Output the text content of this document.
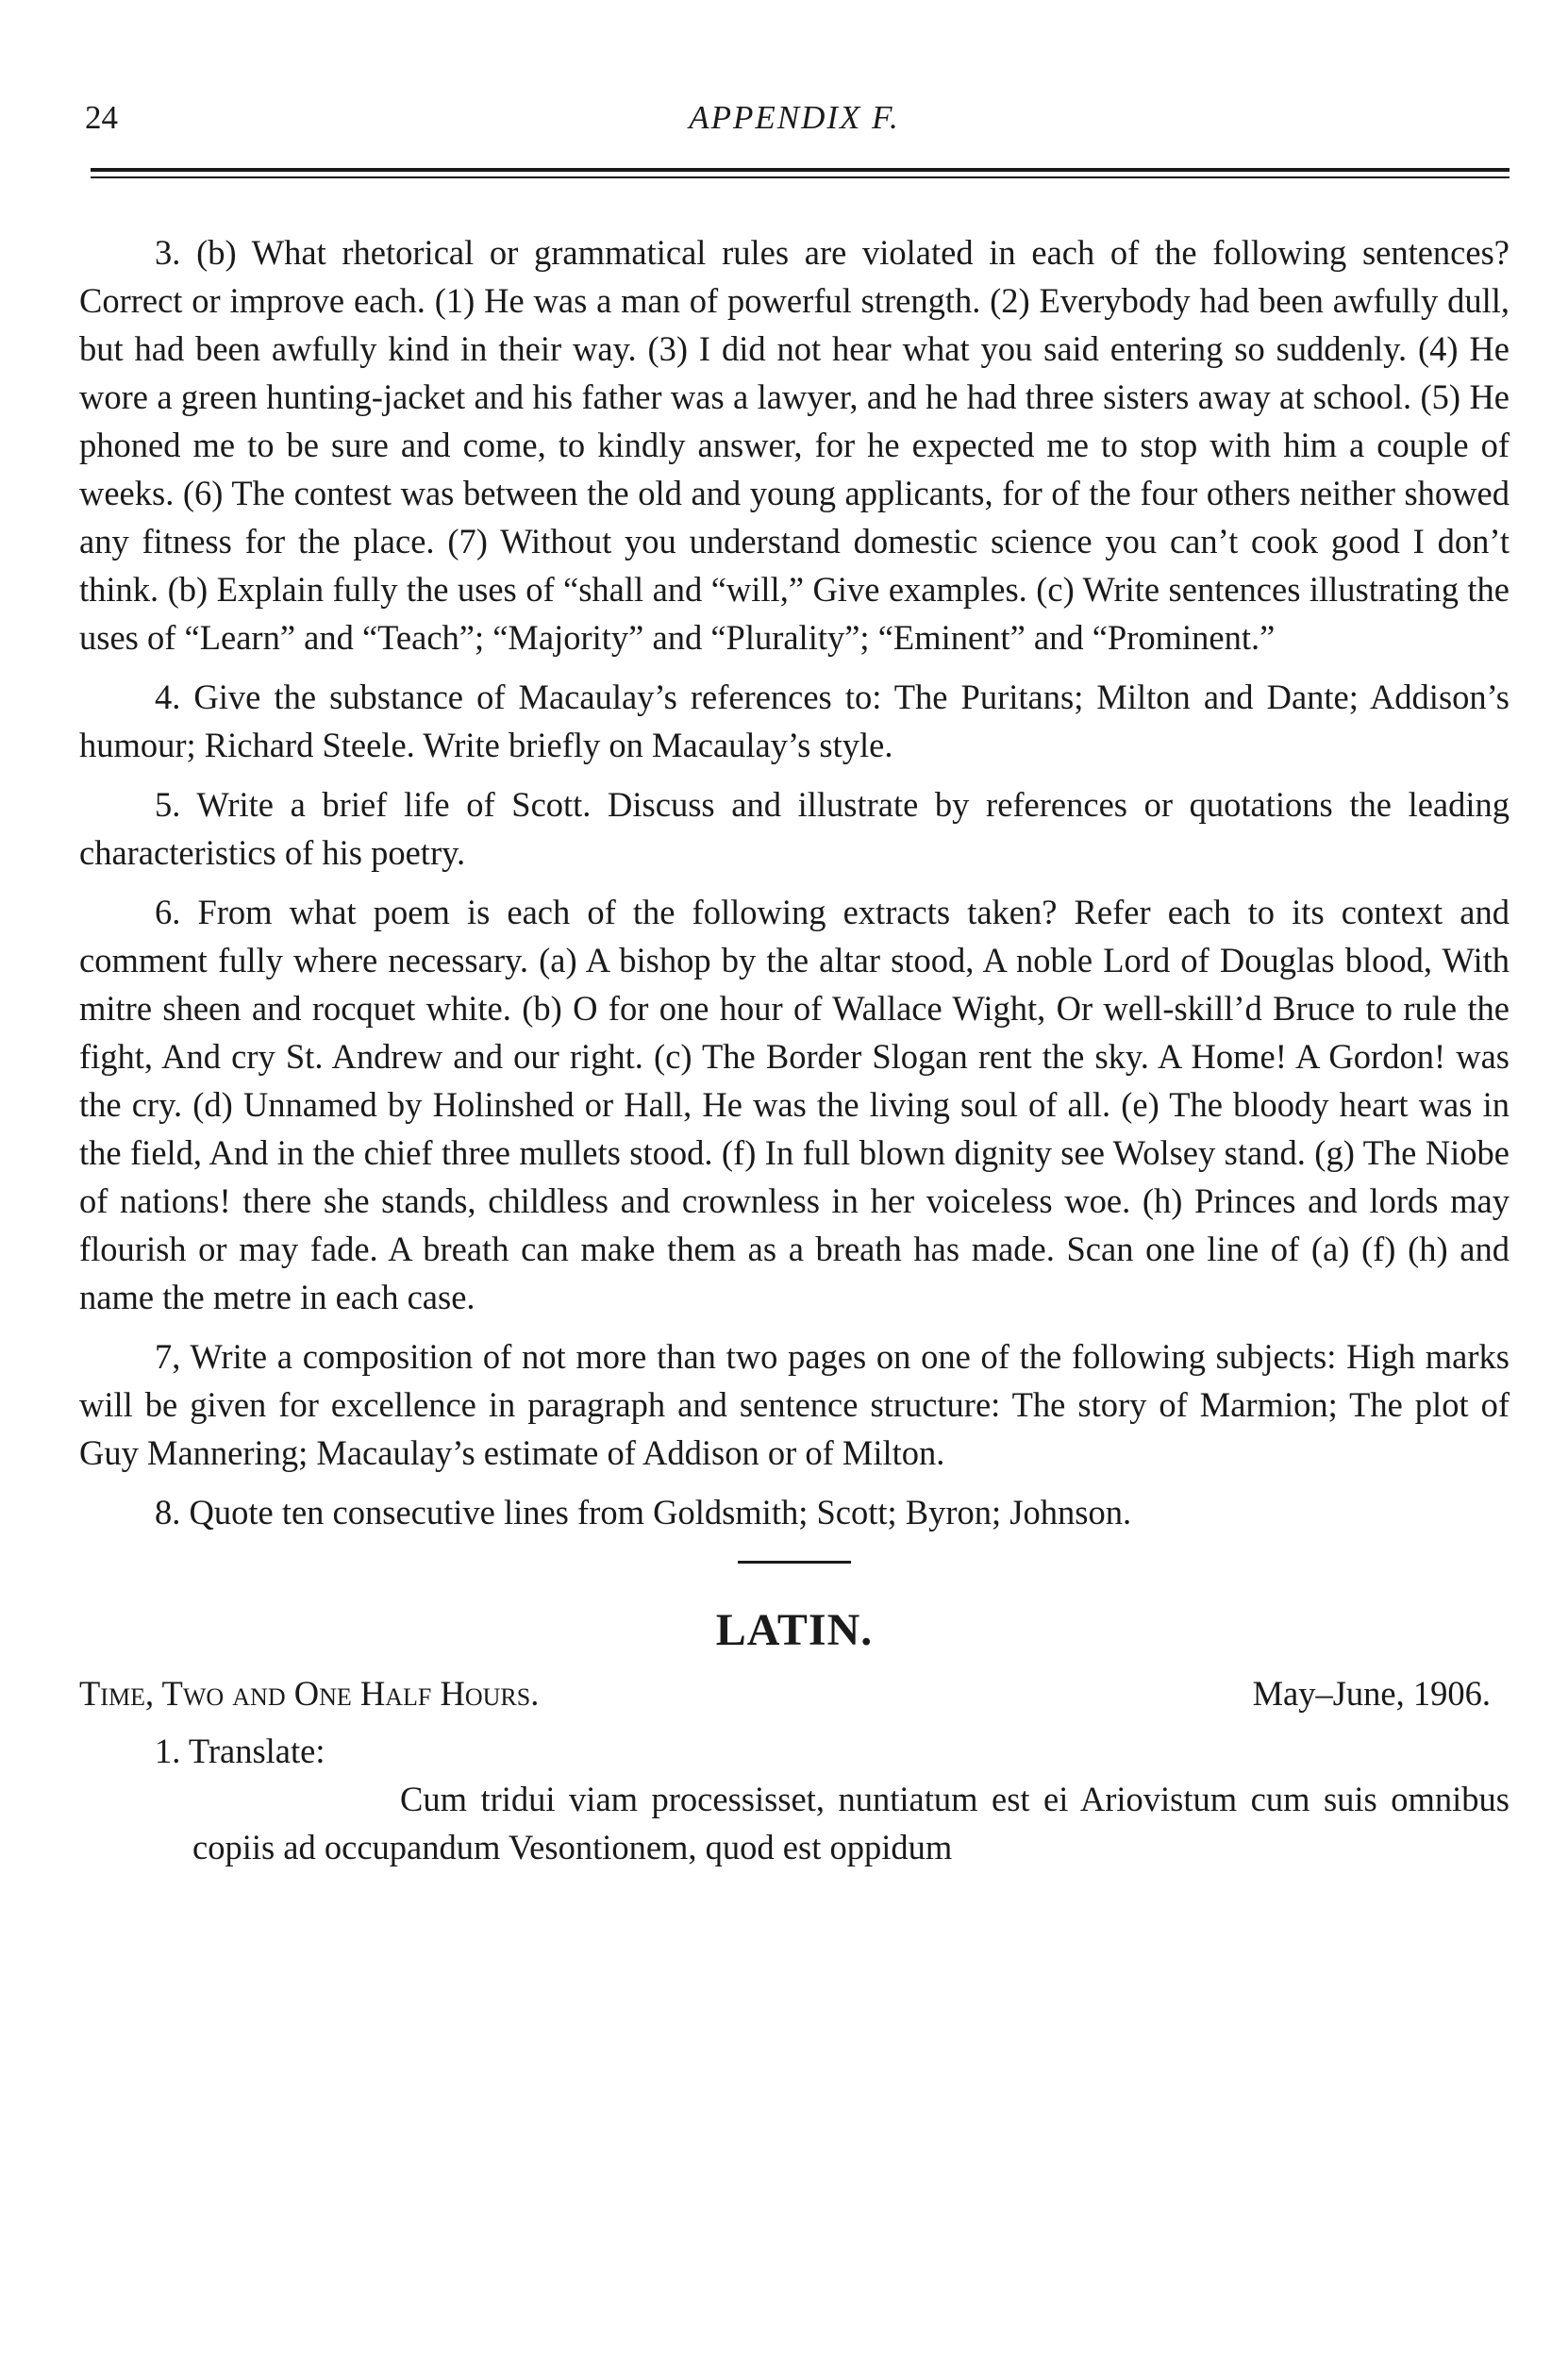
24	APPENDIX F.

3. (b) What rhetorical or grammatical rules are violated in each of the following sentences? Correct or improve each. (1) He was a man of powerful strength. (2) Everybody had been awfully dull, but had been awfully kind in their way. (3) I did not hear what you said entering so suddenly. (4) He wore a green hunting-jacket and his father was a lawyer, and he had three sisters away at school. (5) He phoned me to be sure and come, to kindly answer, for he expected me to stop with him a couple of weeks. (6) The contest was between the old and young applicants, for of the four others neither showed any fitness for the place. (7) Without you understand domestic science you can’t cook good I don’t think. (b) Explain fully the uses of “shall and “will,” Give examples. (c) Write sentences illustrating the uses of “Learn” and “Teach”; “Majority” and “Plurality”; “Eminent” and “Prominent.”

4. Give the substance of Macaulay’s references to: The Puritans; Milton and Dante; Addison’s humour; Richard Steele. Write briefly on Macaulay’s style.

5. Write a brief life of Scott. Discuss and illustrate by references or quotations the leading characteristics of his poetry.

6. From what poem is each of the following extracts taken? Refer each to its context and comment fully where necessary. (a) A bishop by the altar stood, A noble Lord of Douglas blood, With mitre sheen and rocquet white. (b) O for one hour of Wallace Wight, Or well-skill’d Bruce to rule the fight, And cry St. Andrew and our right. (c) The Border Slogan rent the sky. A Home! A Gordon! was the cry. (d) Unnamed by Holinshed or Hall, He was the living soul of all. (e) The bloody heart was in the field, And in the chief three mullets stood. (f) In full blown dignity see Wolsey stand. (g) The Niobe of nations! there she stands, childless and crownless in her voiceless woe. (h) Princes and lords may flourish or may fade. A breath can make them as a breath has made. Scan one line of (a) (f) (h) and name the metre in each case.

7, Write a composition of not more than two pages on one of the following subjects: High marks will be given for excellence in paragraph and sentence structure: The story of Marmion; The plot of Guy Mannering; Macaulay’s estimate of Addison or of Milton.

8. Quote ten consecutive lines from Goldsmith; Scott; Byron; Johnson.

LATIN.
Time, Two and One Half Hours.	May–June, 1906.

1. Translate:

Cum tridui viam processisset, nuntiatum est ei Ariovistum cum suis omnibus copiis ad occupandum Vesontionem, quod est oppidum
